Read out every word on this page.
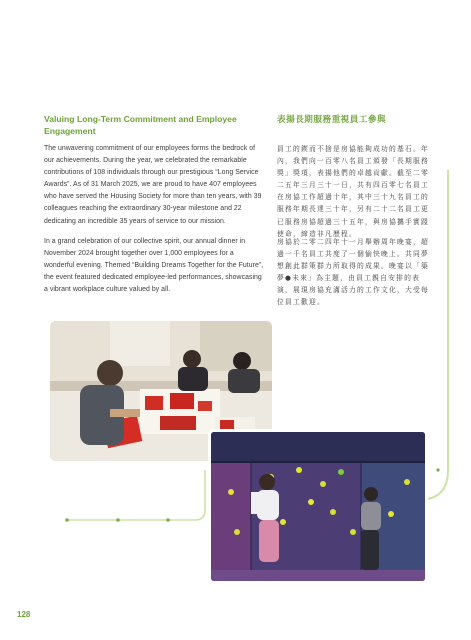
Valuing Long-Term Commitment and Employee Engagement
表揚長期服務重視員工參與

The unwavering commitment of our employees forms the bedrock of our achievements. During the year, we celebrated the remarkable contributions of 108 individuals through our prestigious “Long Service Awards”. As of 31 March 2025, we are proud to have 407 employees who have served the Housing Society for more than ten years, with 39 colleagues reaching the extraordinary 30-year milestone and 22 dedicating an incredible 35 years of service to our mission.

In a grand celebration of our collective spirit, our annual dinner in November 2024 brought together over 1,000 employees for a wonderful evening. Themed “Building Dreams Together for the Future”, the event featured dedicated employee-led performances, showcasing a vibrant workplace culture valued by all.

員工的鍥而不捨是房協能夠成功的基石。年內，我們向一百零八名員工頒發「長期服務獎」獎項，表揚他們的卓越貢獻。截至二零二五年三月三十一日，共有四百零七名員工在房協工作超過十年，其中三十九名員工的服務年期長達三十年，另有二十二名員工更已服務房協超過三十五年，與房協攜手實踐使命，締造非凡歷程。

房協於二零二四年十一月舉辦周年晚宴，超過一千名員工共度了一個愉快晚上。共同夢想創此群策群力所取得的成果。晚宴以「築夢●未來」為主題，由員工親自安排的表演，展現房協充滿活力的工作文化，大受每位員工歡迎。

128
